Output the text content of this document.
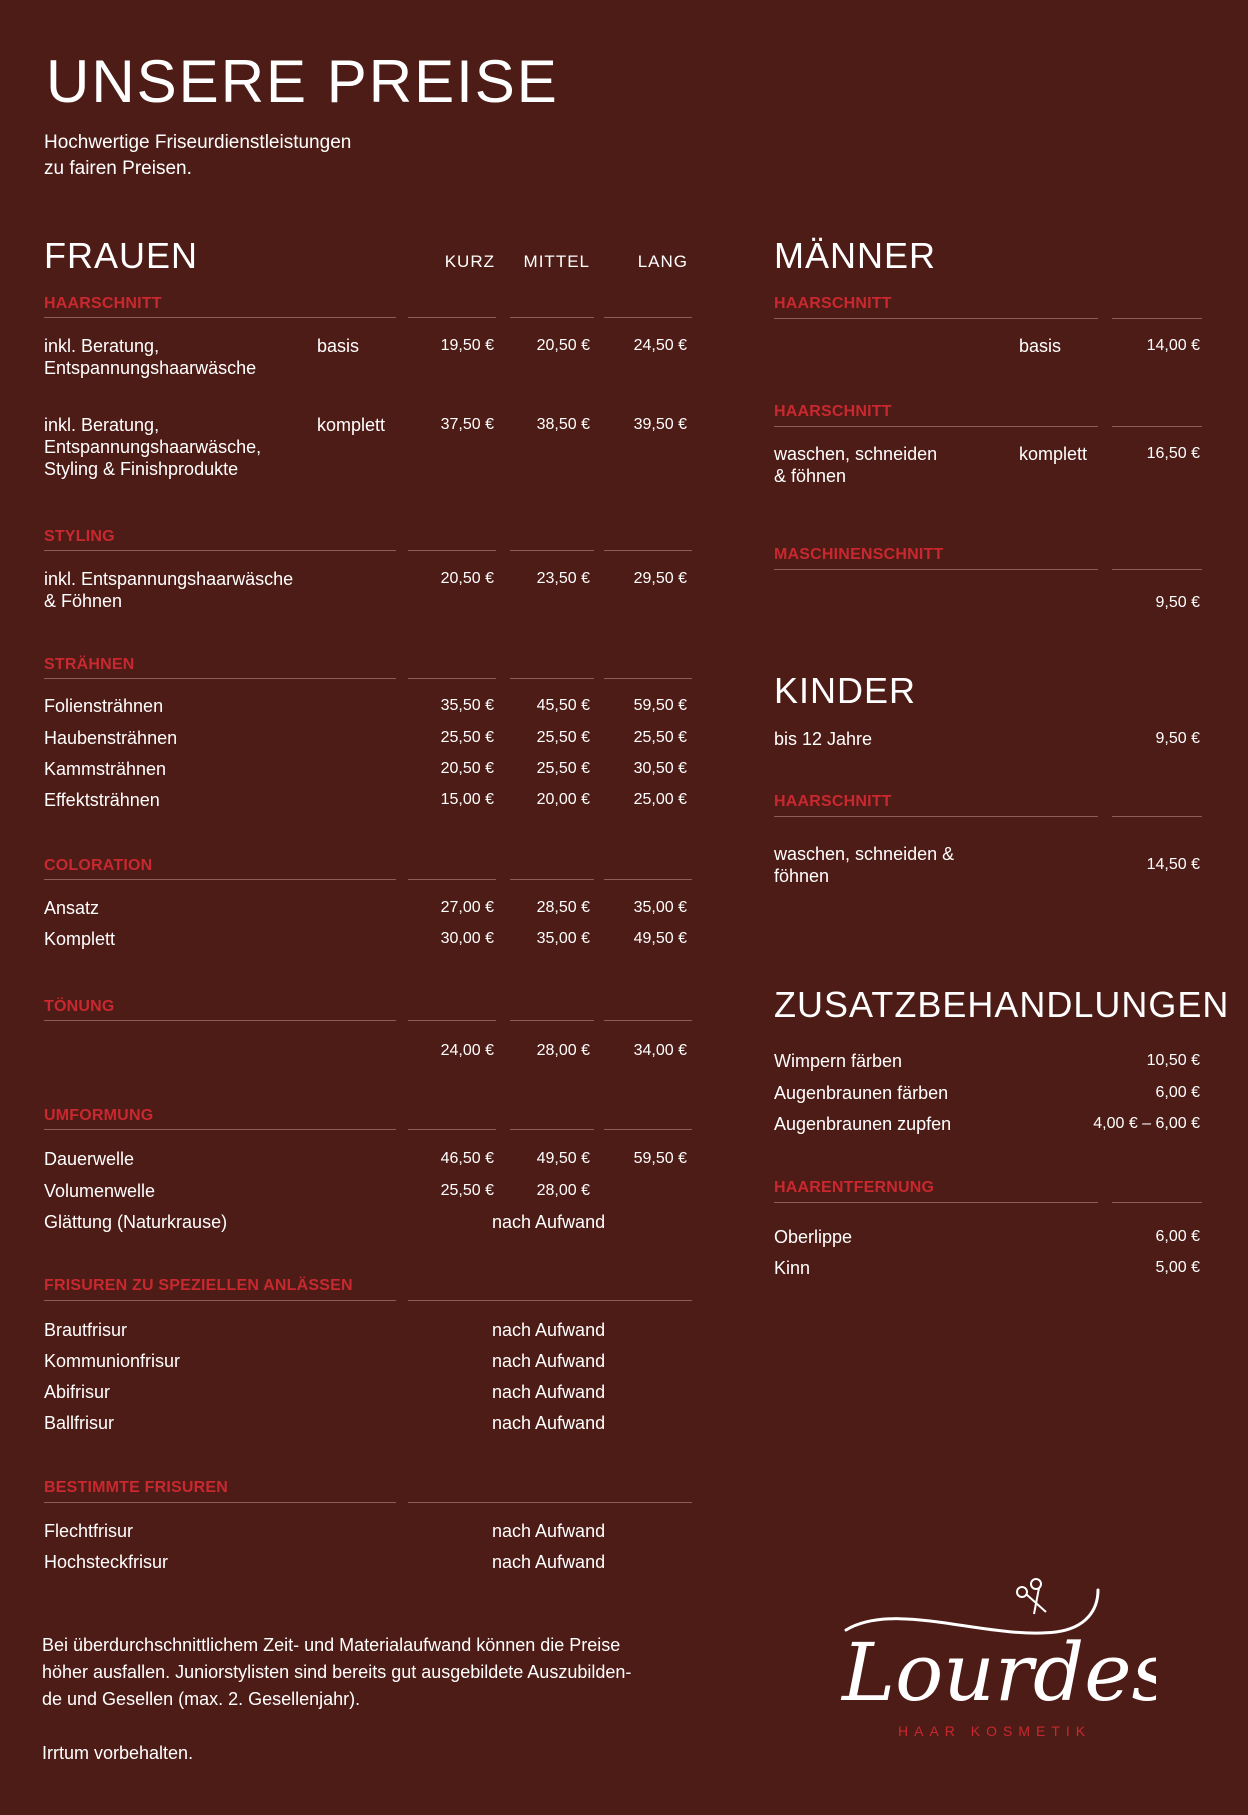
UNSERE PREISE
Hochwertige Friseurdienstleistungen
zu fairen Preisen.
FRAUEN	KURZ	MITTEL	LANG
HAARSCHNITT
inkl. Beratung,
Entspannungshaarwäsche
basis	19,50 €	20,50 €	24,50 €
inkl. Beratung,
Entspannungshaarwäsche,
Styling & Finishprodukte
komplett	37,50 €	38,50 €	39,50 €
STYLING
inkl. Entspannungshaarwäsche
& Föhnen
20,50 €	23,50 €	29,50 €
STRÄHNEN
Foliensträhnen	35,50 €	45,50 €	59,50 €
Haubensträhnen	25,50 €	25,50 €	25,50 €
Kammsträhnen	20,50 €	25,50 €	30,50 €
Effektsträhnen	15,00 €	20,00 €	25,00 €
COLORATION
Ansatz	27,00 €	28,50 €	35,00 €
Komplett	30,00 €	35,00 €	49,50 €
TÖNUNG
24,00 €	28,00 €	34,00 €
UMFORMUNG
Dauerwelle	46,50 €	49,50 €	59,50 €
Volumenwelle	25,50 €	28,00 €
Glättung (Naturkrause)	nach Aufwand
FRISUREN ZU SPEZIELLEN ANLÄSSEN
Brautfrisur	nach Aufwand
Kommunionfrisur	nach Aufwand
Abifrisur	nach Aufwand
Ballfrisur	nach Aufwand
BESTIMMTE FRISUREN
Flechtfrisur	nach Aufwand
Hochsteckfrisur	nach Aufwand
Bei überdurchschnittlichem Zeit- und Materialaufwand können die Preise
höher ausfallen. Juniorstylisten sind bereits gut ausgebildete Auszubilden-
de und Gesellen (max. 2. Gesellenjahr).
Irrtum vorbehalten.
MÄNNER
HAARSCHNITT
basis	14,00 €
HAARSCHNITT
waschen, schneiden
& föhnen
komplett	16,50 €
MASCHINENSCHNITT
9,50 €
KINDER
bis 12 Jahre	9,50 €
HAARSCHNITT
waschen, schneiden &
föhnen
14,50 €
ZUSATZBEHANDLUNGEN
Wimpern färben	10,50 €
Augenbraunen färben	6,00 €
Augenbraunen zupfen	4,00 € – 6,00 €
HAARENTFERNUNG
Oberlippe	6,00 €
Kinn	5,00 €
Lourdes
HAAR KOSMETIK
